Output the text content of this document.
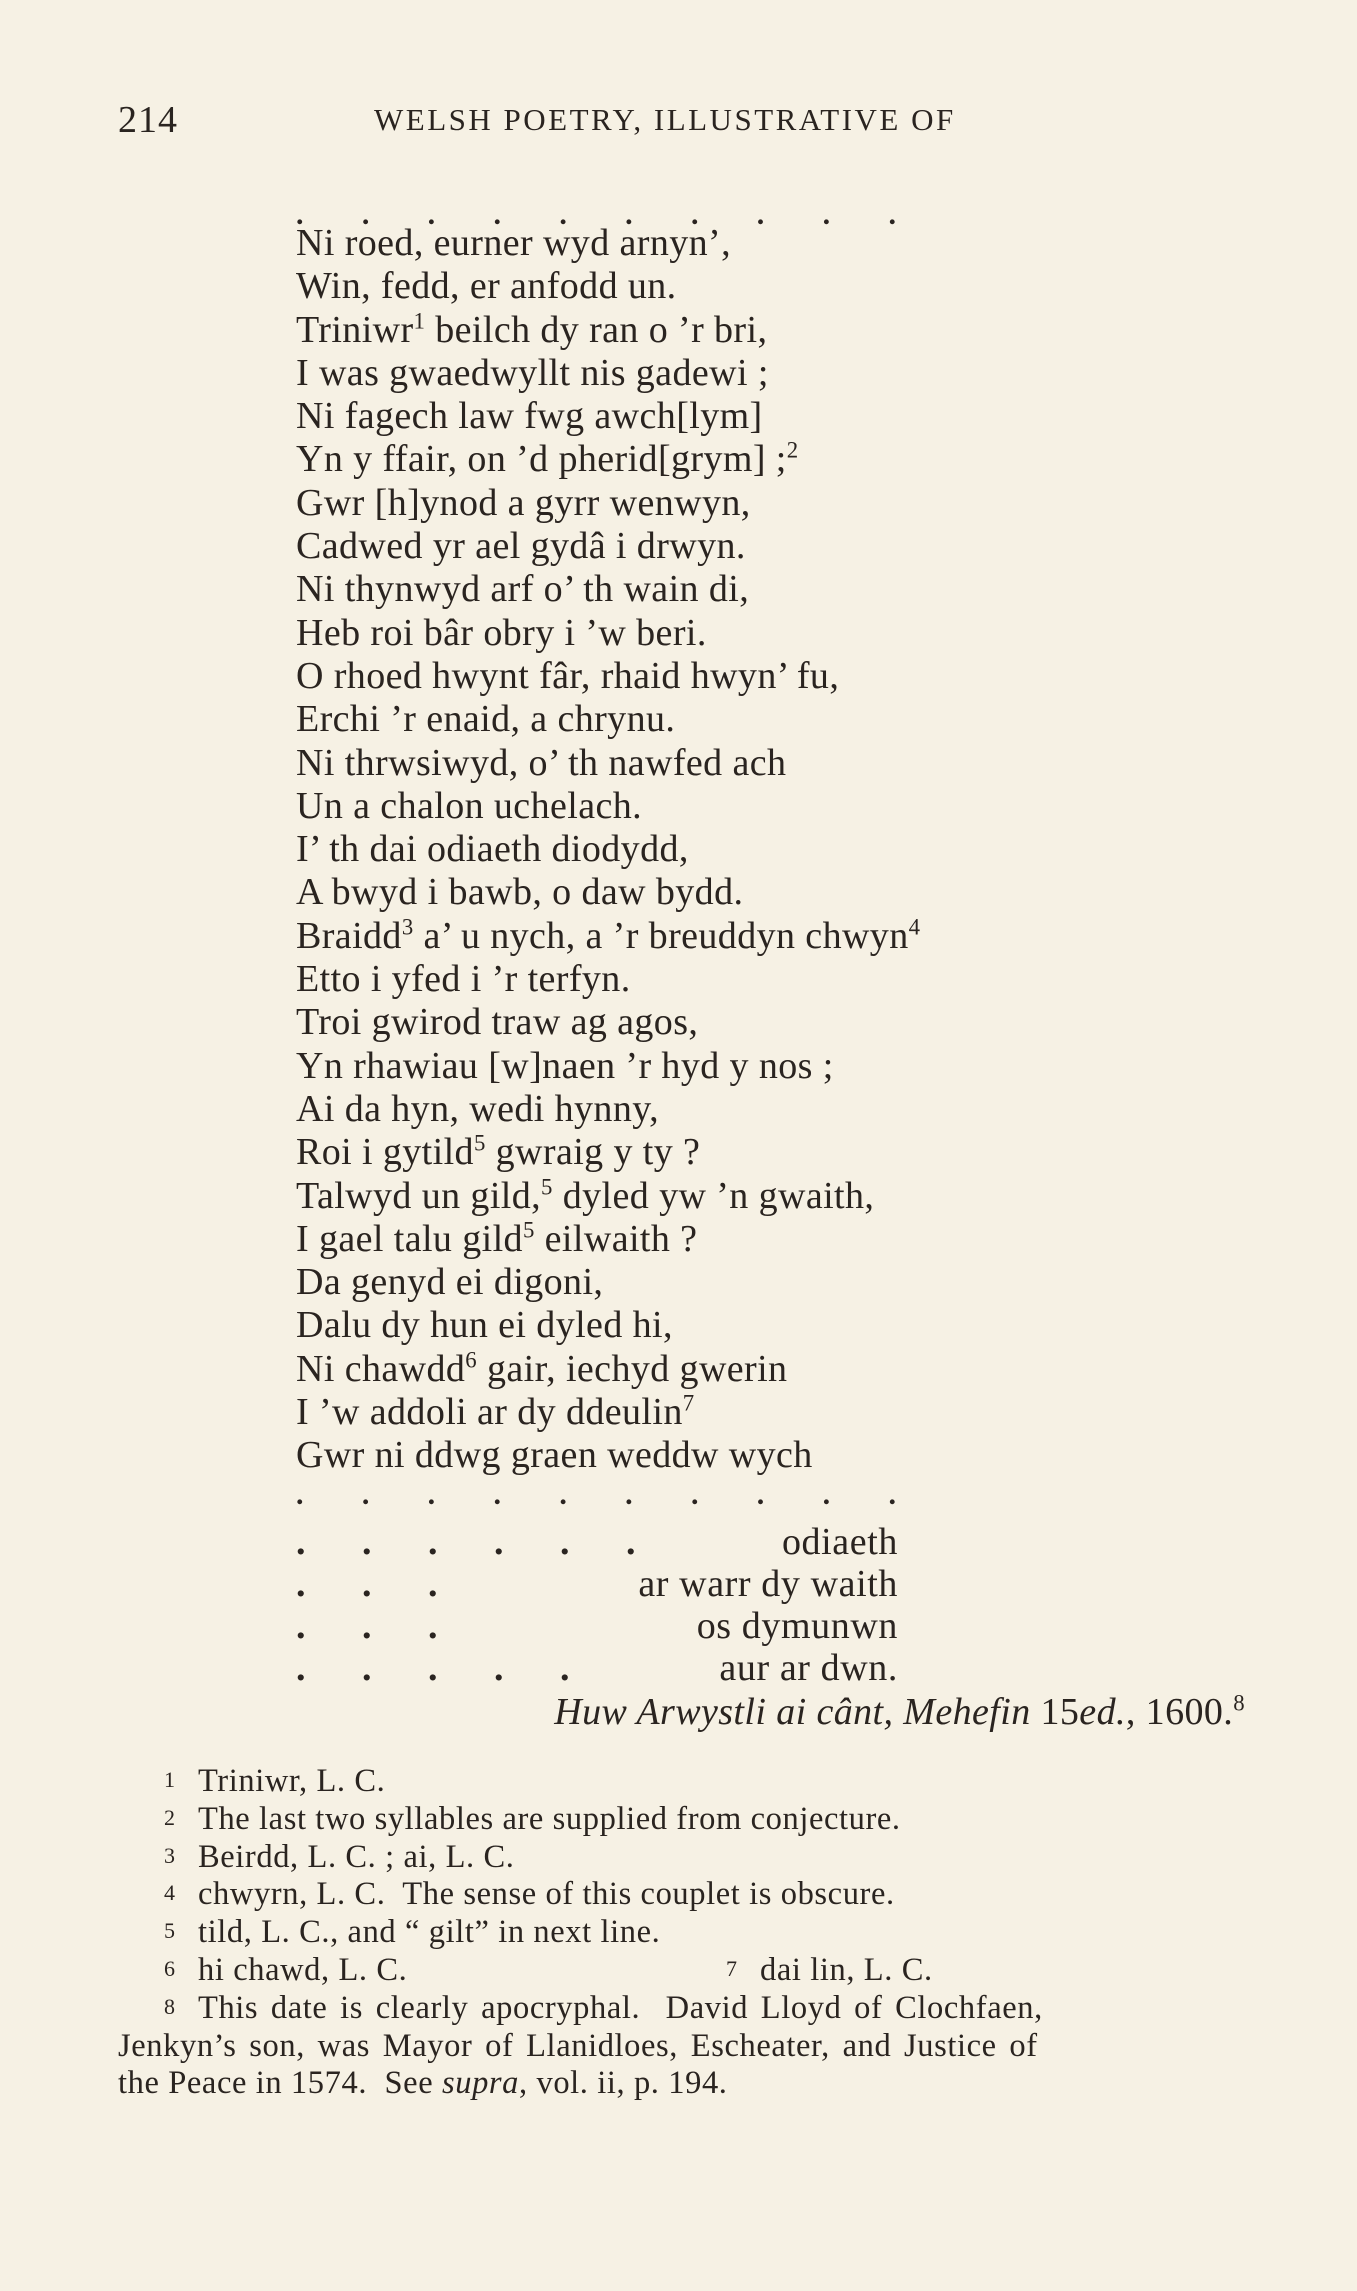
214	WELSH POETRY, ILLUSTRATIVE OF
. . . . . . . . . .
Ni roed, eurner wyd arnyn’,
Win, fedd, er anfodd un.
Triniwr$^1$ beilch dy ran o ’r bri,
I was gwaedwyllt nis gadewi ;
Ni fagech law fwg awch[lym]
Yn y ffair, on ’d pherid[grym] ;$^2$
Gwr [h]ynod a gyrr wenwyn,
Cadwed yr ael gydâ i drwyn.
Ni thynwyd arf o’ th wain di,
Heb roi bâr obry i ’w beri.
O rhoed hwynt fâr, rhaid hwyn’ fu,
Erchi ’r enaid, a chrynu.
Ni thrwsiwyd, o’ th nawfed ach
Un a chalon uchelach.
I’ th dai odiaeth diodydd,
A bwyd i bawb, o daw bydd.
Braidd$^3$ a’ u nych, a ’r breuddyn chwyn$^4$
Etto i yfed i ’r terfyn.
Troi gwirod traw ag agos,
Yn rhawiau [w]naen ’r hyd y nos ;
Ai da hyn, wedi hynny,
Roi i gytild$^5$ gwraig y ty ?
Talwyd un gild,$^5$ dyled yw ’n gwaith,
I gael talu gild$^5$ eilwaith ?
Da genyd ei digoni,
Dalu dy hun ei dyled hi,
Ni chawdd$^6$ gair, iechyd gwerin
I ’w addoli ar dy ddeulin$^7$
Gwr ni ddwg graen weddw wych
. . . . . . . . . .
. . . . . .	odiaeth
. . .	ar warr dy waith
. . .	os dymunwn
. . . . .	aur ar dwn.
Huw Arwystli ai cânt, Mehefin 15ed., 1600.$^8$
1 Triniwr, L. C.
2 The last two syllables are supplied from conjecture.
3 Beirdd, L. C. ; ai, L. C.
4 chwyrn, L. C.  The sense of this couplet is obscure.
5 tild, L. C., and “ gilt” in next line.
6 hi chawd, L. C.	7 dai lin, L. C.
8 This date is clearly apocryphal.  David Lloyd of Clochfaen,
Jenkyn’s son, was Mayor of Llanidloes, Escheater, and Justice of
the Peace in 1574.  See supra, vol. ii, p. 194.
